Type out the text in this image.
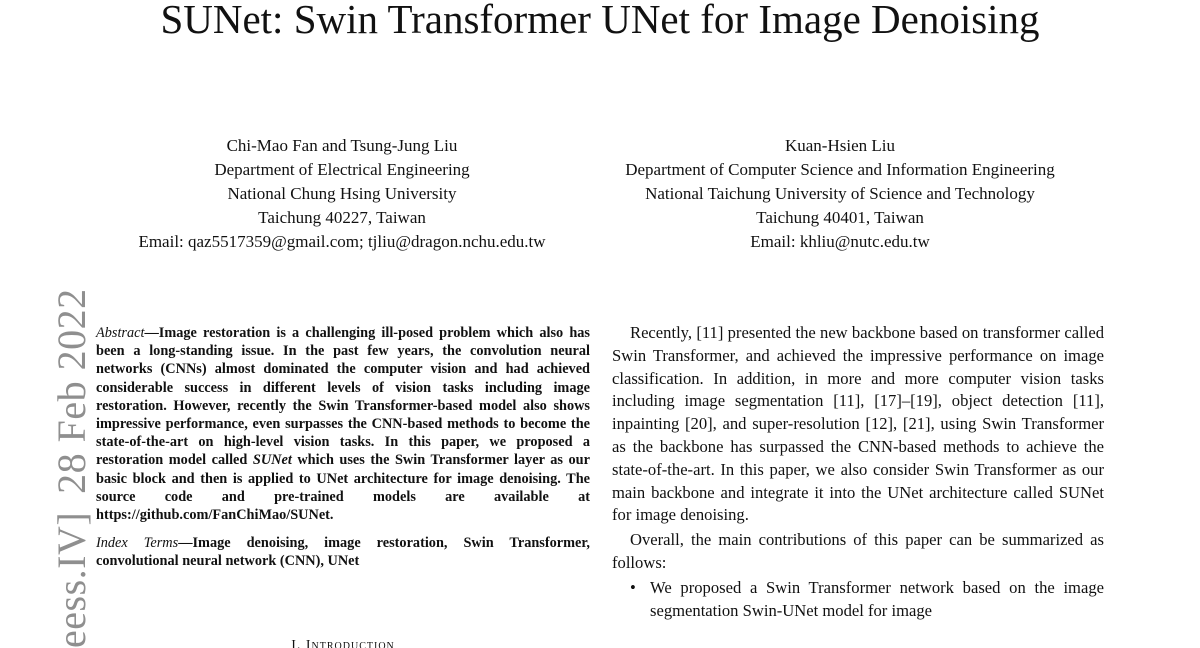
SUNet: Swin Transformer UNet for Image Denoising
Chi-Mao Fan and Tsung-Jung Liu
Department of Electrical Engineering
National Chung Hsing University
Taichung 40227, Taiwan
Email: qaz5517359@gmail.com; tjliu@dragon.nchu.edu.tw
Kuan-Hsien Liu
Department of Computer Science and Information Engineering
National Taichung University of Science and Technology
Taichung 40401, Taiwan
Email: khliu@nutc.edu.tw
eess.IV]28 Feb 2022 Abstract—Image restoration is a challenging ill-posed problem which also has been a long-standing issue. In the past few years, the convolution neural networks (CNNs) almost dominated the computer vision and had achieved considerable success in different levels of vision tasks including image restoration. However, recently the Swin Transformer-based model also shows impressive performance, even surpasses the CNN-based methods to become the state-of-the-art on high-level vision tasks. In this paper, we proposed a restoration model called SUNet which uses the Swin Transformer layer as our basic block and then is applied to UNet architecture for image denoising. The source code and pre-trained models are available at https://github.com/FanChiMao/SUNet.

Index Terms—Image denoising, image restoration, Swin Transformer, convolutional neural network (CNN), UNet

I. Introduction

Recently, [11] presented the new backbone based on transformer called Swin Transformer, and achieved the impressive performance on image classification. In addition, in more and more computer vision tasks including image segmentation [11], [17]–[19], object detection [11], inpainting [20], and super-resolution [12], [21], using Swin Transformer as the backbone has surpassed the CNN-based methods to achieve the state-of-the-art. In this paper, we also consider Swin Transformer as our main backbone and integrate it into the UNet architecture called SUNet for image denoising.

Overall, the main contributions of this paper can be summarized as follows:

• We proposed a Swin Transformer network based on the image segmentation Swin-UNet model for image
